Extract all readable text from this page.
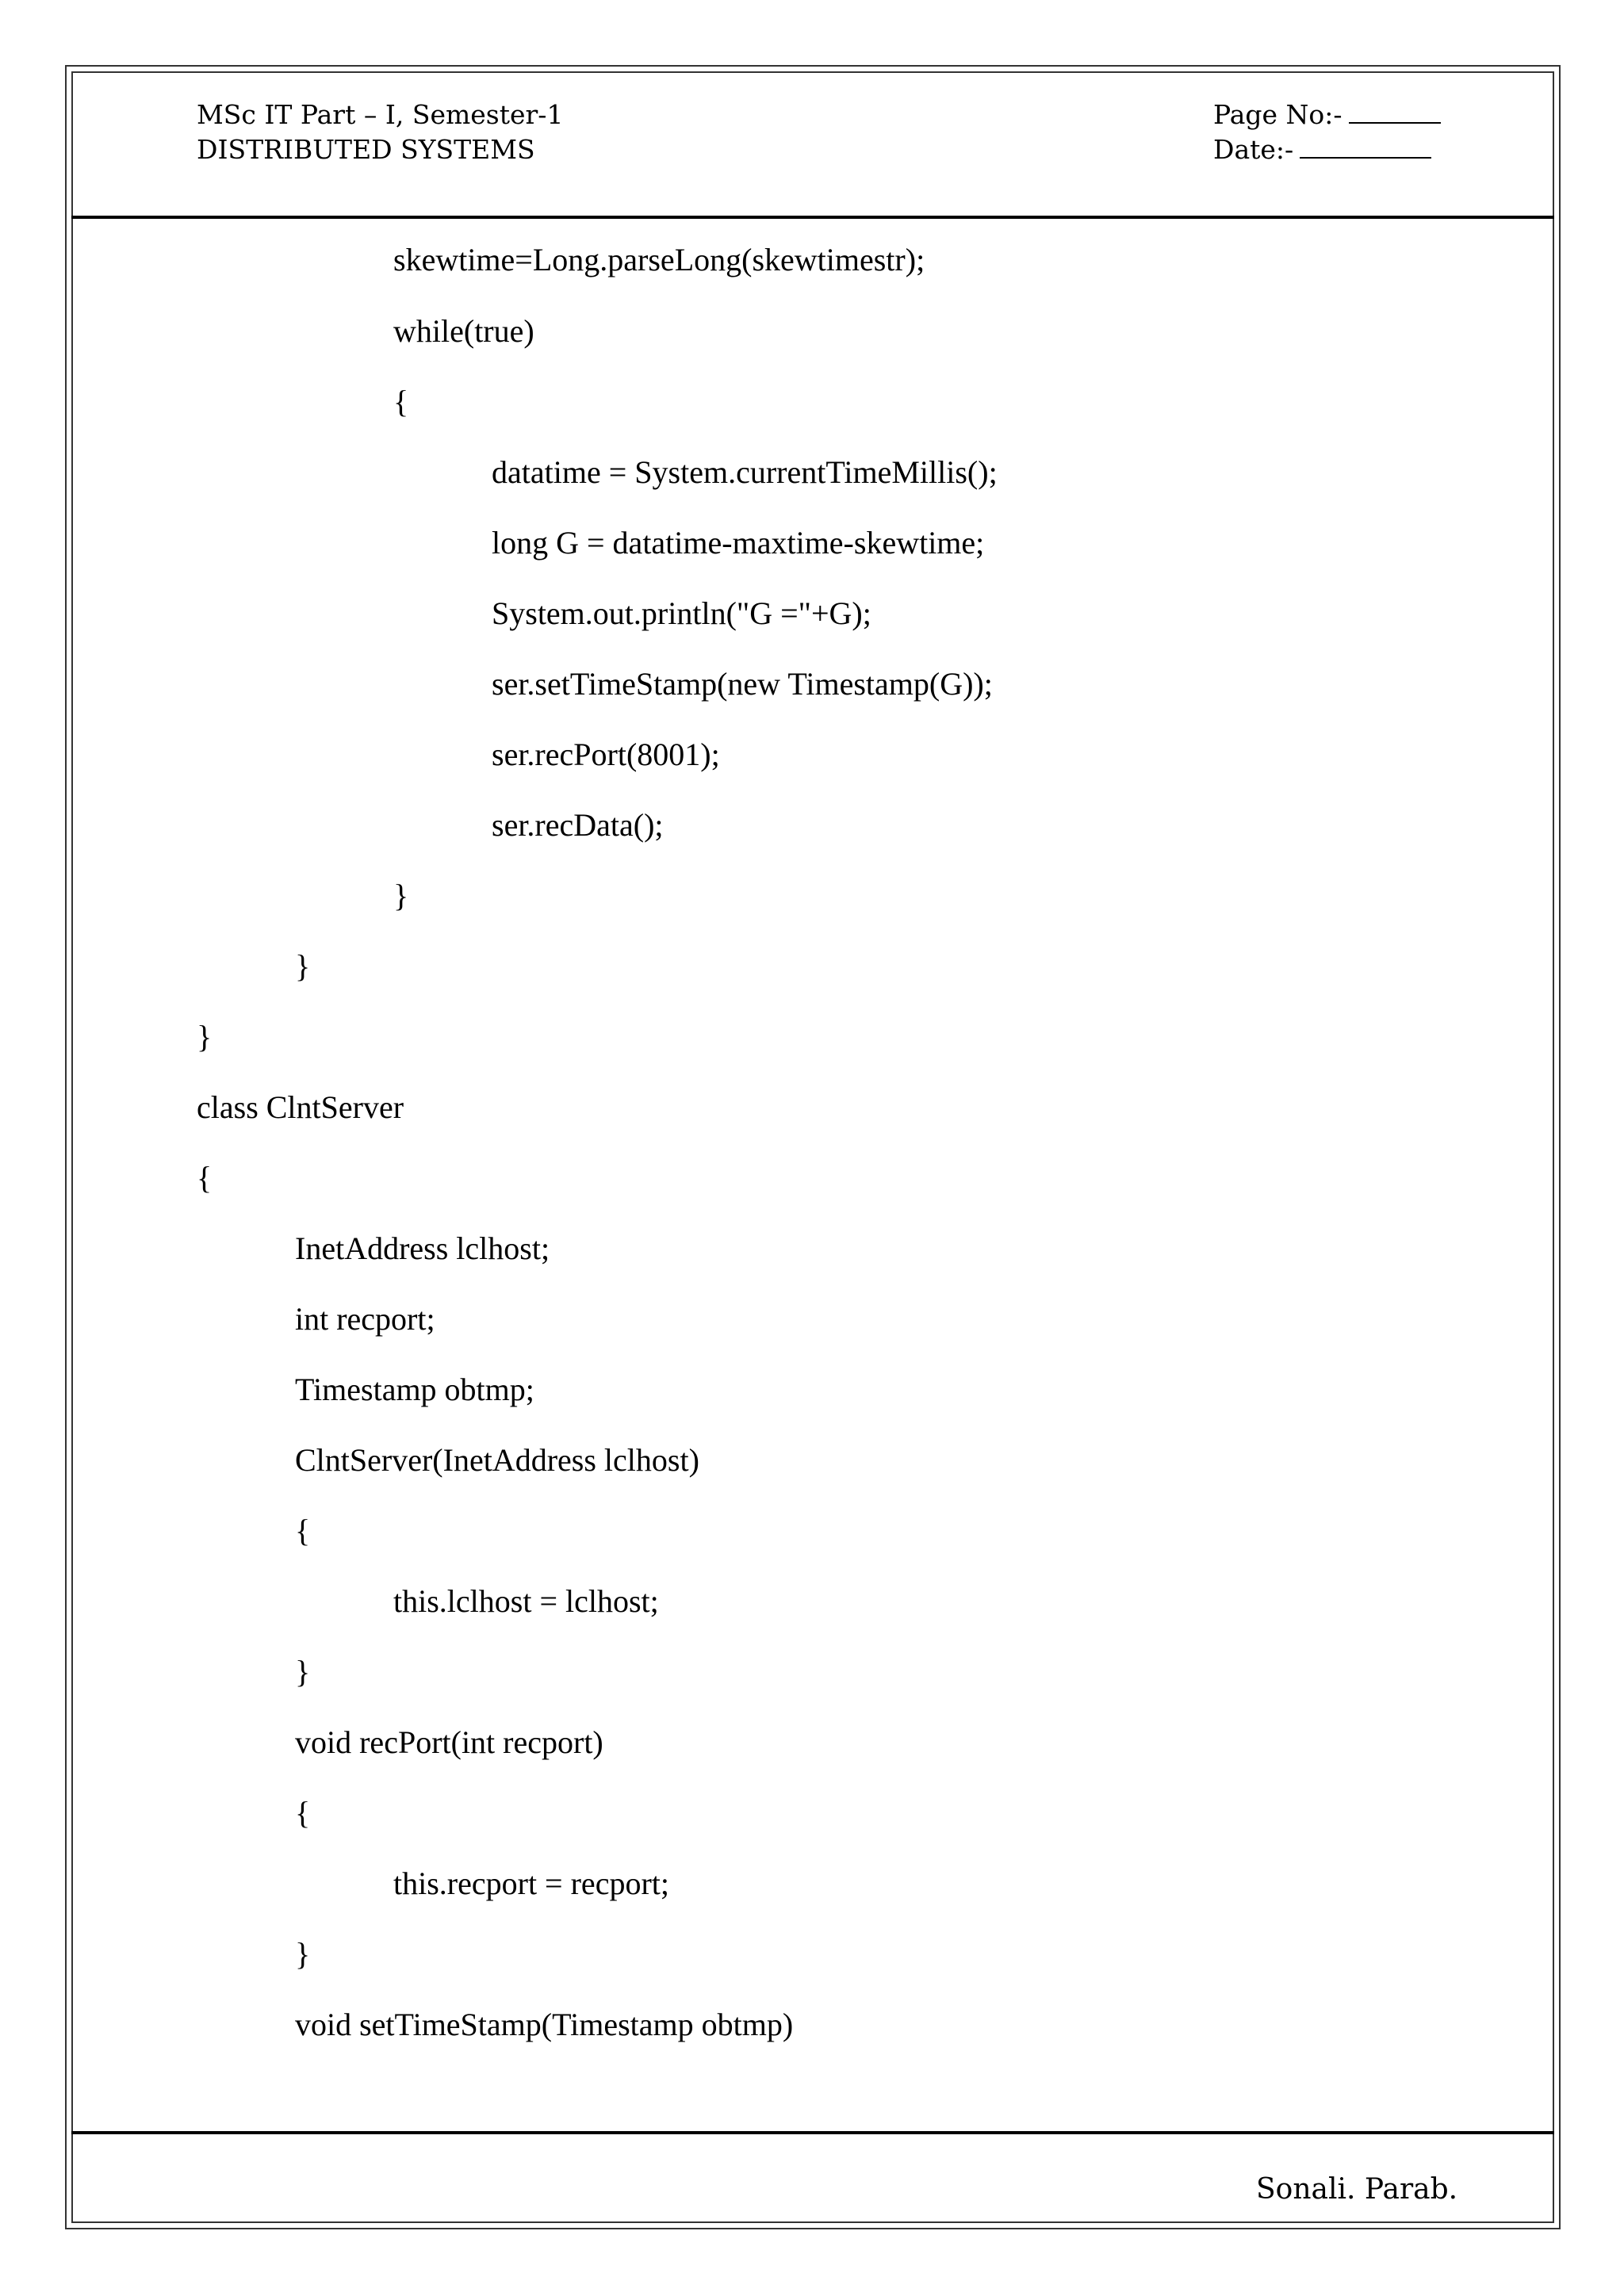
MSc IT Part – I, Semester-1
DISTRIBUTED SYSTEMS
Page No:-
Date:-
skewtime=Long.parseLong(skewtimestr);
while(true)
{
datatime = System.currentTimeMillis();
long G = datatime-maxtime-skewtime;
System.out.println("G ="+G);
ser.setTimeStamp(new Timestamp(G));
ser.recPort(8001);
ser.recData();
}
}
}
class ClntServer
{
InetAddress lclhost;
int recport;
Timestamp obtmp;
ClntServer(InetAddress lclhost)
{
this.lclhost = lclhost;
}
void recPort(int recport)
{
this.recport = recport;
}
void setTimeStamp(Timestamp obtmp)
Sonali. Parab.
